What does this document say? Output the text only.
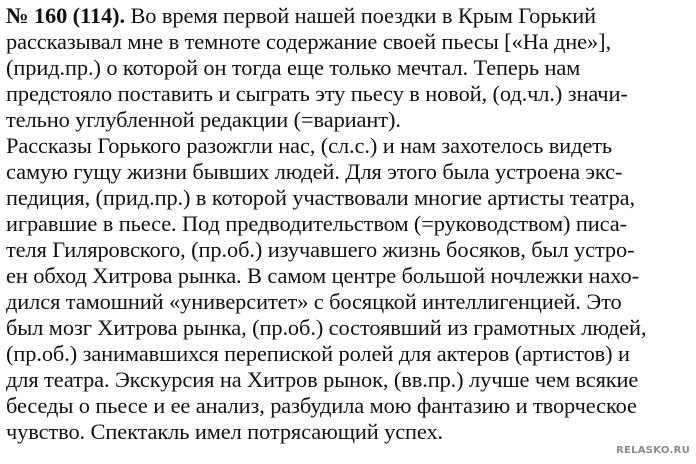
№ 160 (114). Во время первой нашей поездки в Крым Горький
рассказывал мне в темноте содержание своей пьесы [«На дне»],
(прид.пр.) о которой он тогда еще только мечтал. Теперь нам
предстояло поставить и сыграть эту пьесу в новой, (од.чл.) значи-
тельно углубленной редакции (=вариант).
Рассказы Горького разожгли нас, (сл.с.) и нам захотелось видеть
самую гущу жизни бывших людей. Для этого была устроена экс-
педиция, (прид.пр.) в которой участвовали многие артисты театра,
игравшие в пьесе. Под предводительством (=руководством) писа-
теля Гиляровского, (пр.об.) изучавшего жизнь босяков, был устро-
ен обход Хитрова рынка. В самом центре большой ночлежки нахо-
дился тамошний «университет» с босяцкой интеллигенцией. Это
был мозг Хитрова рынка, (пр.об.) состоявший из грамотных людей,
(пр.об.) занимавшихся перепиской ролей для актеров (артистов) и
для театра. Экскурсия на Хитров рынок, (вв.пр.) лучше чем всякие
беседы о пьесе и ее анализ, разбудила мою фантазию и творческое
чувство. Спектакль имел потрясающий успех.
RELASKO.RU
